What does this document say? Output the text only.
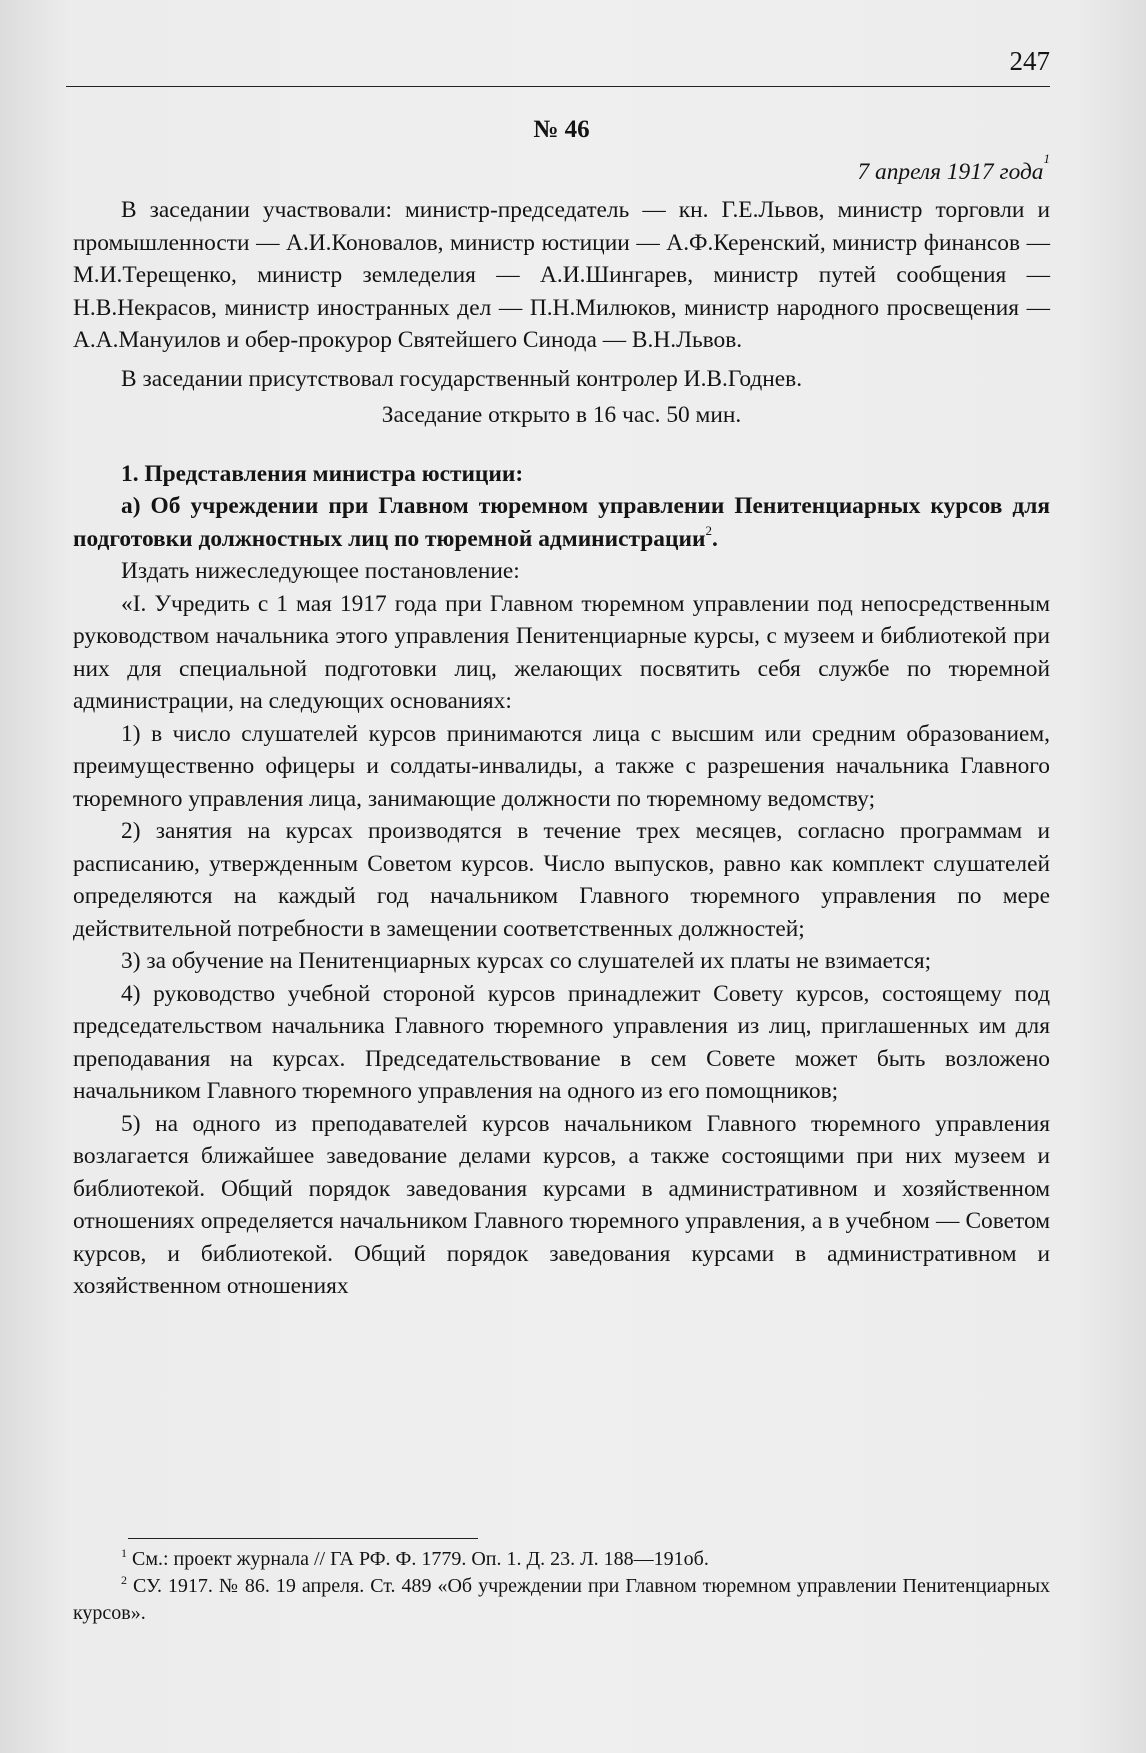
247
№ 46
7 апреля 1917 года$^1$

В заседании участвовали: министр-председатель — кн. Г.Е.Львов, министр торговли и промышленности — А.И.Коновалов, министр юстиции — А.Ф.Керенский, министр финансов — М.И.Терещенко, министр земледелия — А.И.Шингарев, министр путей сообщения — Н.В.Некрасов, министр иностранных дел — П.Н.Милюков, министр народного просвещения — А.А.Мануилов и обер-прокурор Святейшего Синода — В.Н.Львов.

В заседании присутствовал государственный контролер И.В.Годнев.

Заседание открыто в 16 час. 50 мин.

1. Представления министра юстиции:

а) Об учреждении при Главном тюремном управлении Пенитенциарных курсов для подготовки должностных лиц по тюремной администрации$^2$.

Издать нижеследующее постановление:

«I. Учредить с 1 мая 1917 года при Главном тюремном управлении под непосредственным руководством начальника этого управления Пенитенциарные курсы, с музеем и библиотекой при них для специальной подготовки лиц, желающих посвятить себя службе по тюремной администрации, на следующих основаниях:

1) в число слушателей курсов принимаются лица с высшим или средним образованием, преимущественно офицеры и солдаты-инвалиды, а также с разрешения начальника Главного тюремного управления лица, занимающие должности по тюремному ведомству;

2) занятия на курсах производятся в течение трех месяцев, согласно программам и расписанию, утвержденным Советом курсов. Число выпусков, равно как комплект слушателей определяются на каждый год начальником Главного тюремного управления по мере действительной потребности в замещении соответственных должностей;

3) за обучение на Пенитенциарных курсах со слушателей их платы не взимается;

4) руководство учебной стороной курсов принадлежит Совету курсов, состоящему под председательством начальника Главного тюремного управления из лиц, приглашенных им для преподавания на курсах. Председательствование в сем Совете может быть возложено начальником Главного тюремного управления на одного из его помощников;

5) на одного из преподавателей курсов начальником Главного тюремного управления возлагается ближайшее заведование делами курсов, а также состоящими при них музеем и библиотекой. Общий порядок заведования курсами в административном и хозяйственном отношениях определяется начальником Главного тюремного управления, а в учебном — Советом курсов, и библиотекой. Общий порядок заведования курсами в административном и хозяйственном отношениях

$^1$ См.: проект журнала // ГА РФ. Ф. 1779. Оп. 1. Д. 23. Л. 188—191об.

$^2$ СУ. 1917. № 86. 19 апреля. Ст. 489 «Об учреждении при Главном тюремном управлении Пенитенциарных курсов».
